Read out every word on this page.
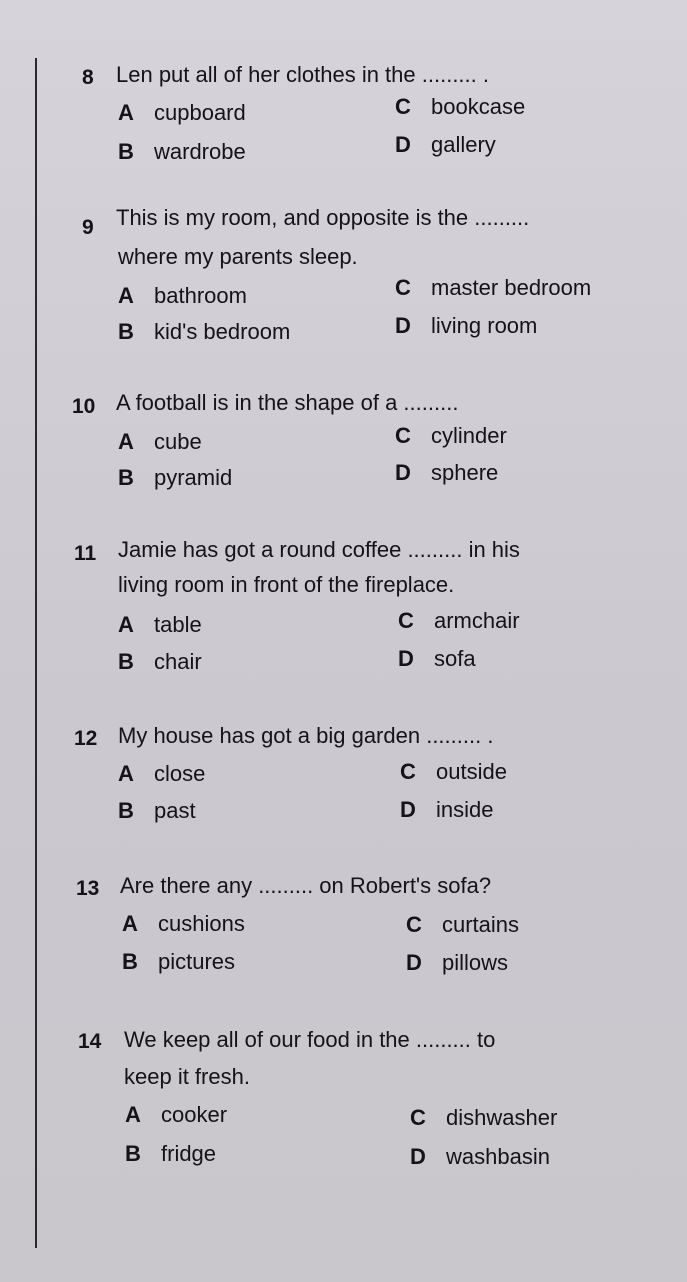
8 Len put all of her clothes in the ......... .
A cupboard	C bookcase
B wardrobe	D gallery
9 This is my room, and opposite is the .........
where my parents sleep.
A bathroom	C master bedroom
B kid's bedroom	D living room
10 A football is in the shape of a .........
A cube	C cylinder
B pyramid	D sphere
11 Jamie has got a round coffee ......... in his
living room in front of the fireplace.
A table	C armchair
B chair	D sofa
12 My house has got a big garden ......... .
A close	C outside
B past	D inside
13 Are there any ......... on Robert's sofa?
A cushions	C curtains
B pictures	D pillows
14 We keep all of our food in the ......... to
keep it fresh.
A cooker	C dishwasher
B fridge	D washbasin
